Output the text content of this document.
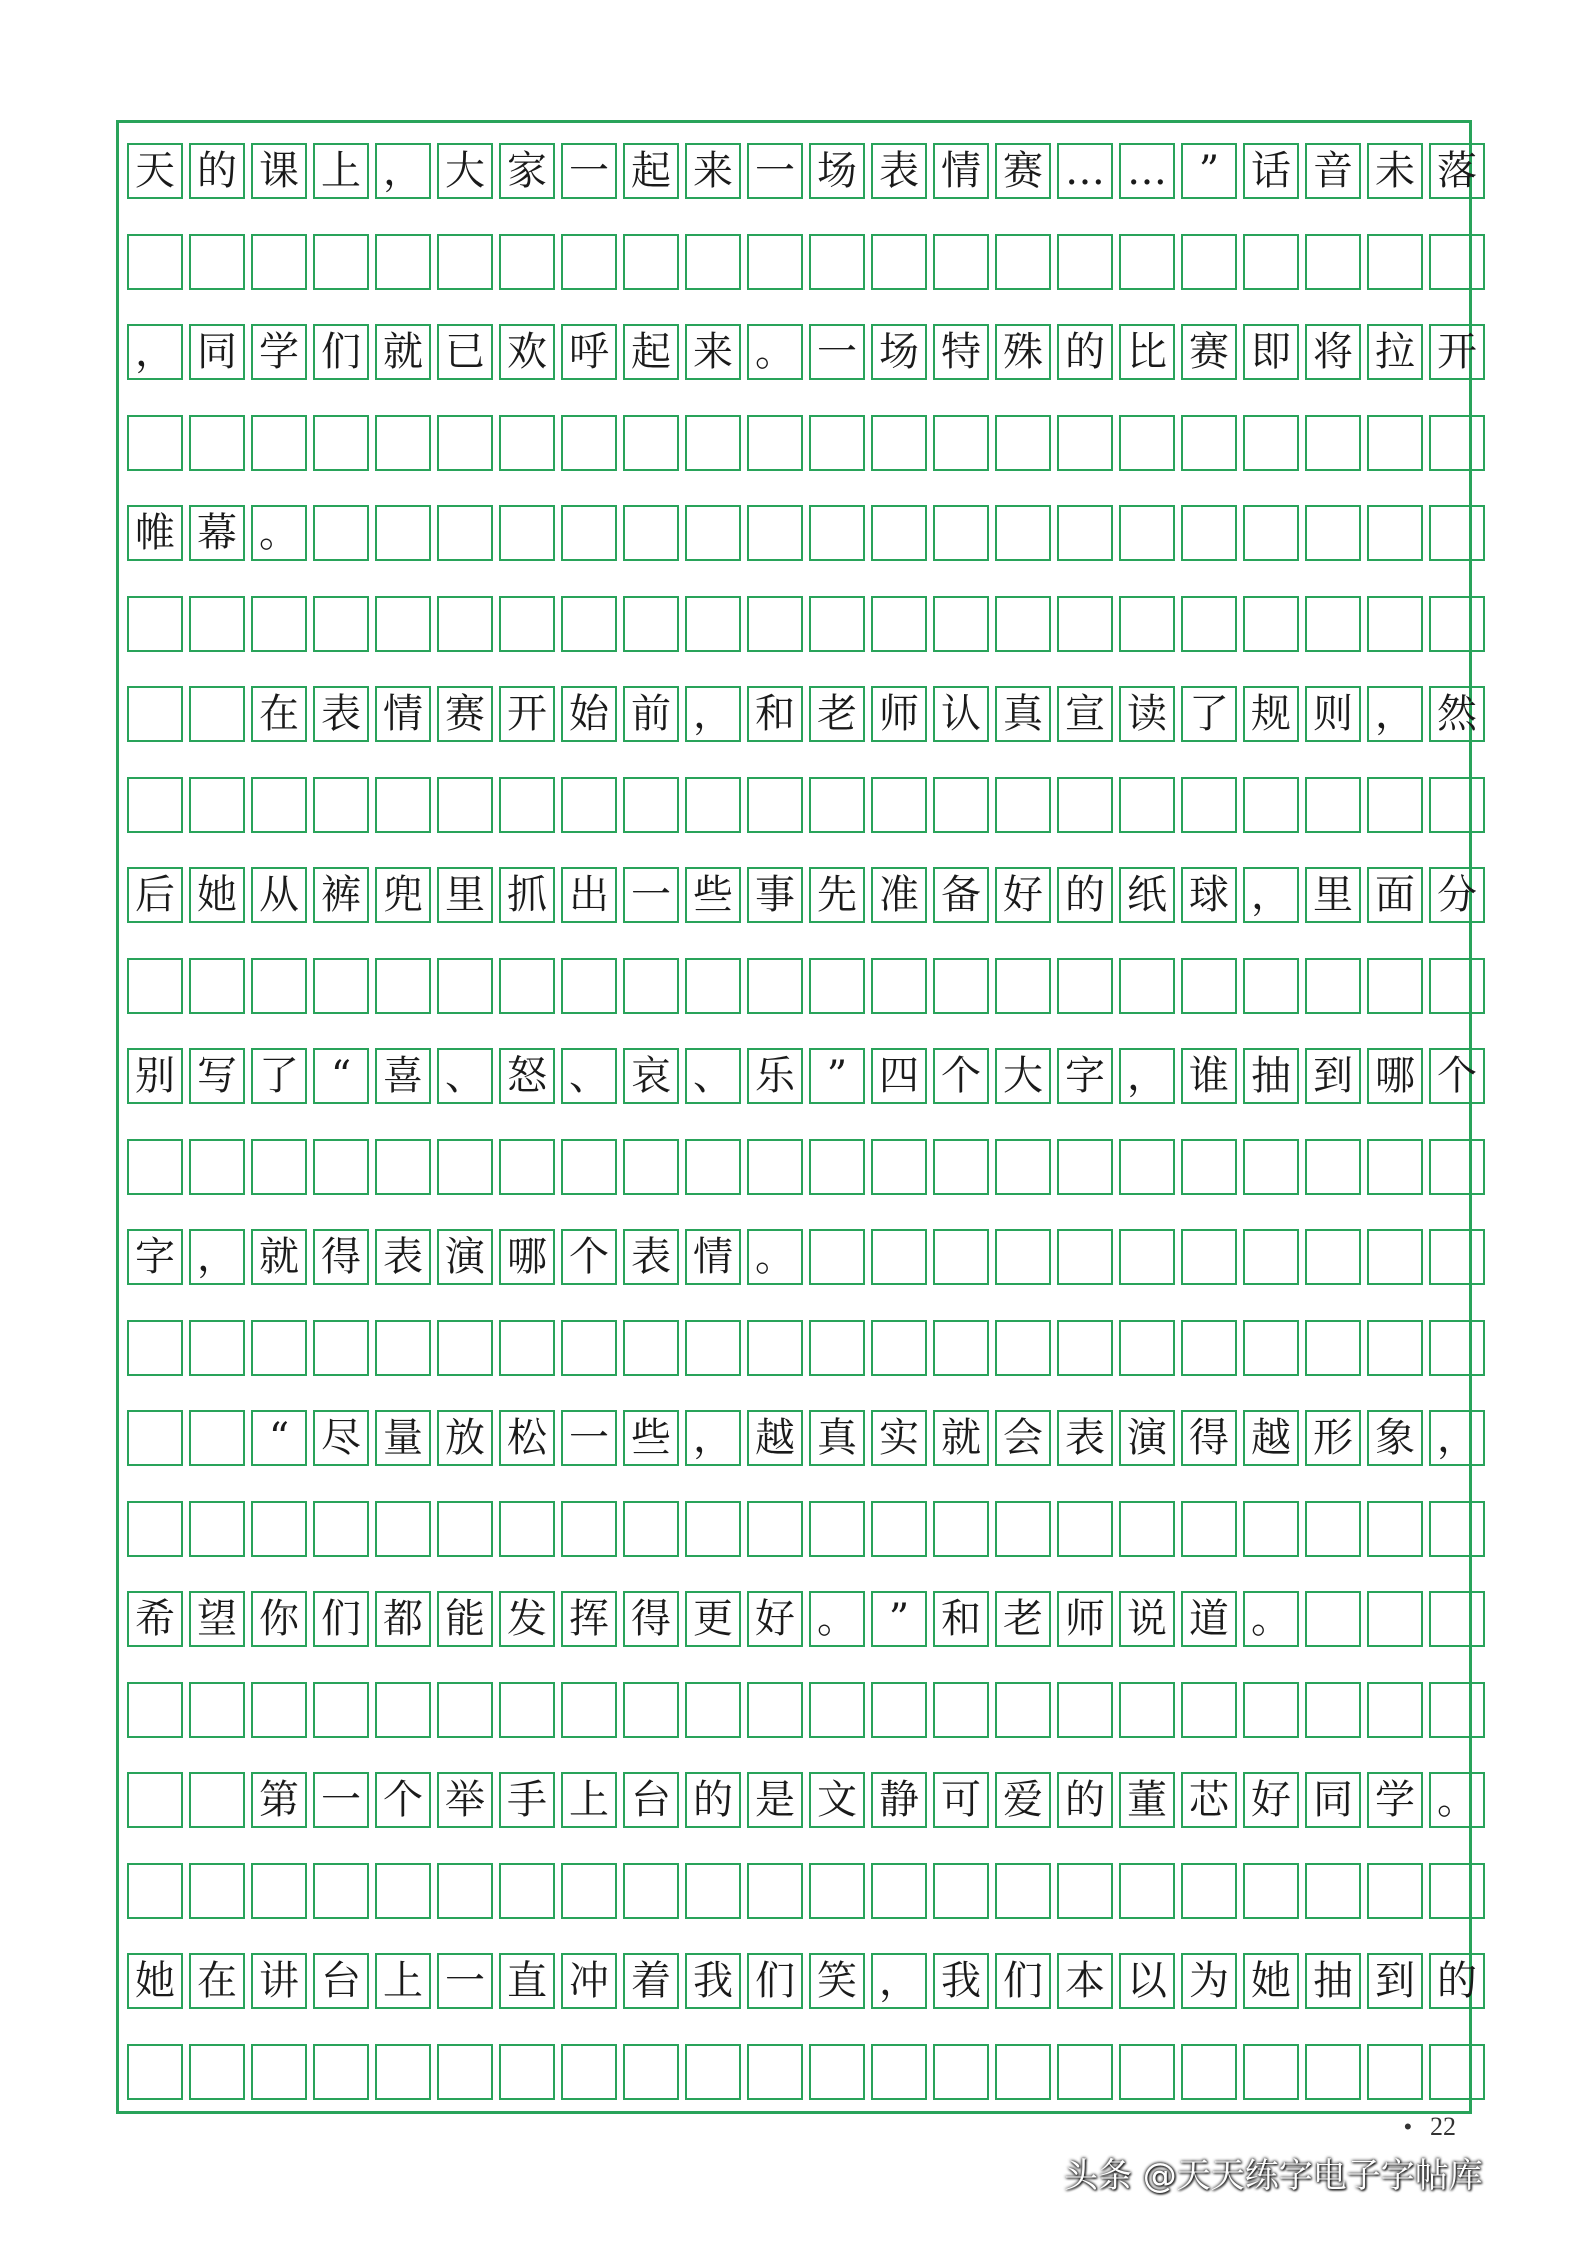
天 的 课 上 ， 大 家 一 起 来 一 场 表 情 赛 … … ” 话 音 未 落
， 同 学 们 就 已 欢 呼 起 来 。 一 场 特 殊 的 比 赛 即 将 拉 开
帷 幕 。
在 表 情 赛 开 始 前 ， 和 老 师 认 真 宣 读 了 规 则 ， 然
后 她 从 裤 兜 里 抓 出 一 些 事 先 准 备 好 的 纸 球 ， 里 面 分
别 写 了 “ 喜 、 怒 、 哀 、 乐 ” 四 个 大 字 ， 谁 抽 到 哪 个
字 ， 就 得 表 演 哪 个 表 情 。
“ 尽 量 放 松 一 些 ， 越 真 实 就 会 表 演 得 越 形 象 ，
希 望 你 们 都 能 发 挥 得 更 好 。 ” 和 老 师 说 道 。
第 一 个 举 手 上 台 的 是 文 静 可 爱 的 董 芯 好 同 学 。
她 在 讲 台 上 一 直 冲 着 我 们 笑 ， 我 们 本 以 为 她 抽 到 的
• 22
头条 @天天练字电子字帖库
